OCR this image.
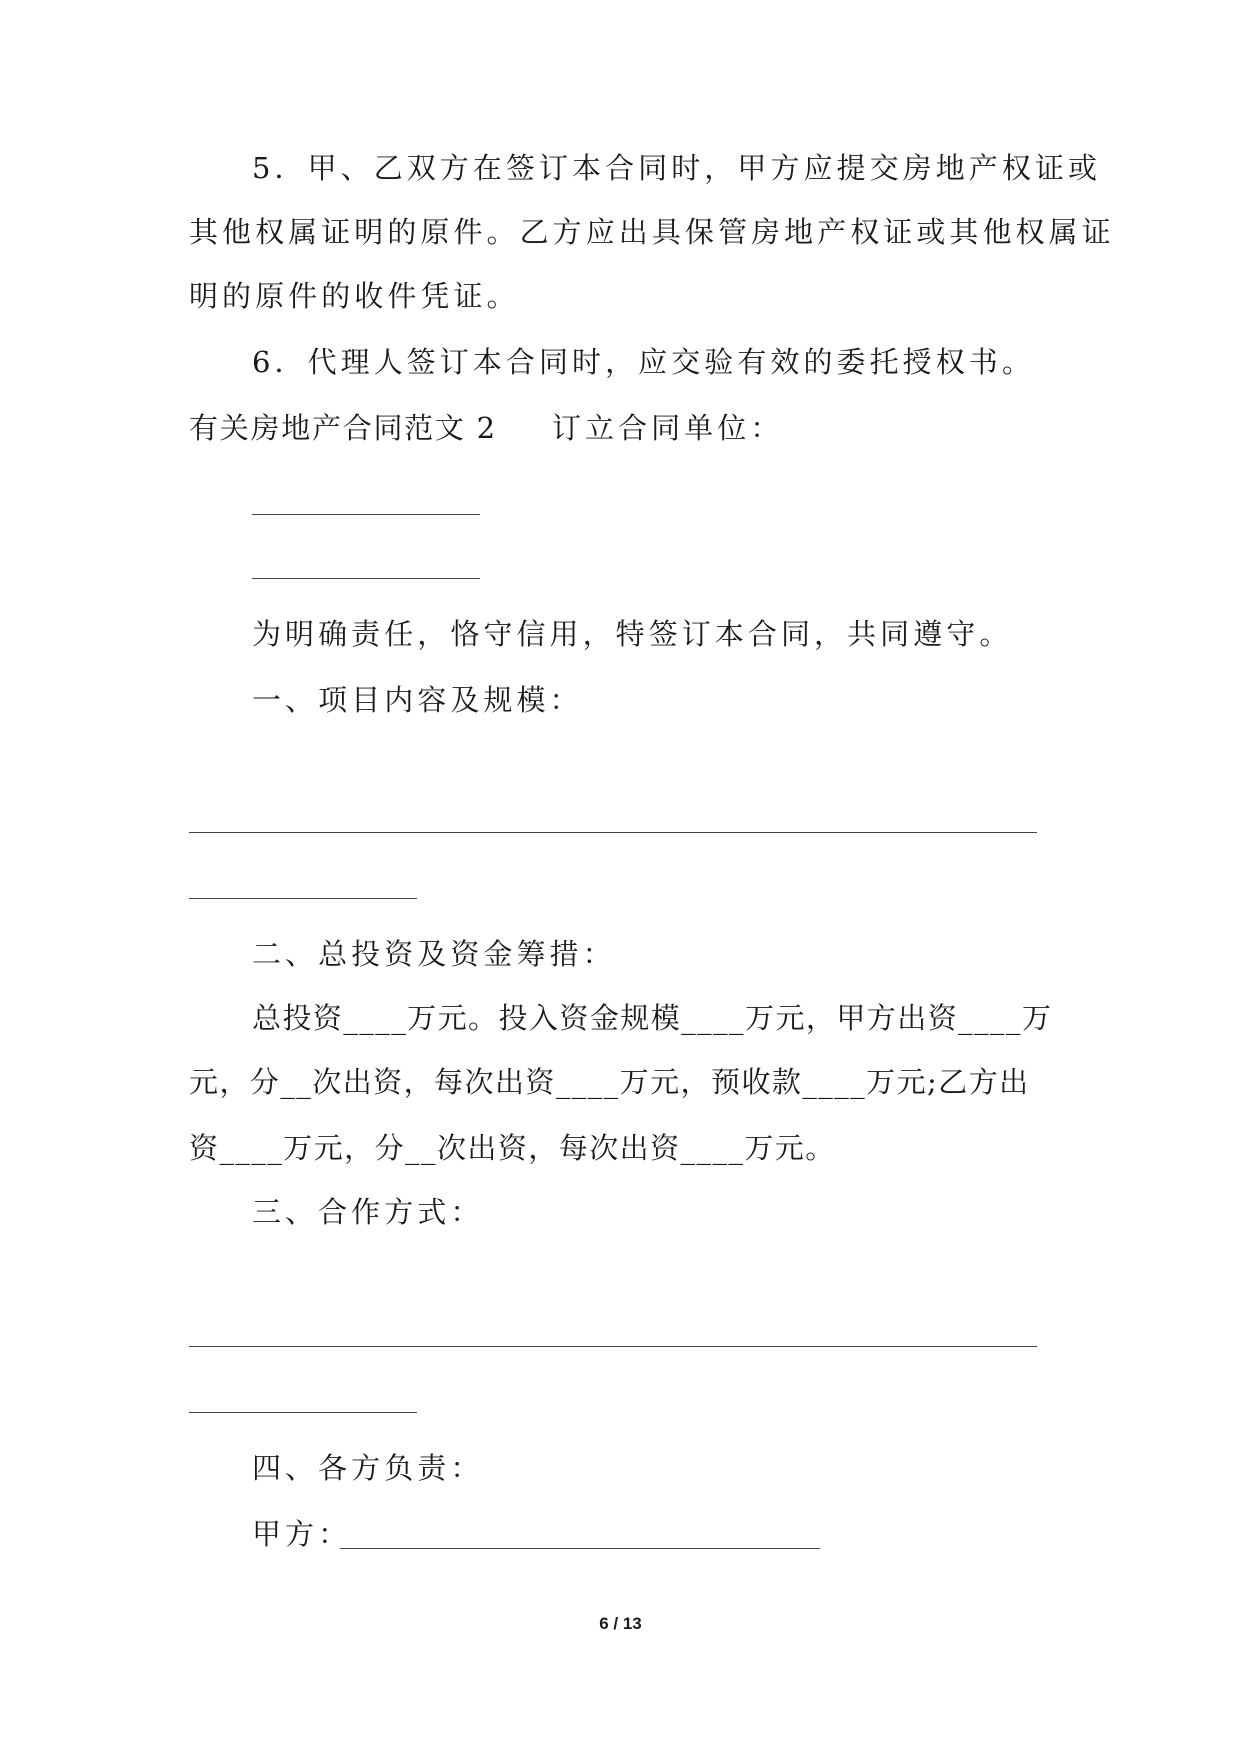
5．甲、乙双方在签订本合同时，甲方应提交房地产权证或
其他权属证明的原件。乙方应出具保管房地产权证或其他权属证
明的原件的收件凭证。
6．代理人签订本合同时，应交验有效的委托授权书。
有关房地产合同范文 2 订立合同单位：
为明确责任，恪守信用，特签订本合同，共同遵守。
一、项目内容及规模：
二、总投资及资金筹措：
总投资____万元。投入资金规模____万元，甲方出资____万
元，分__次出资，每次出资____万元，预收款____万元;乙方出
资____万元，分__次出资，每次出资____万元。
三、合作方式：
四、各方负责：
甲方：
6 / 13
